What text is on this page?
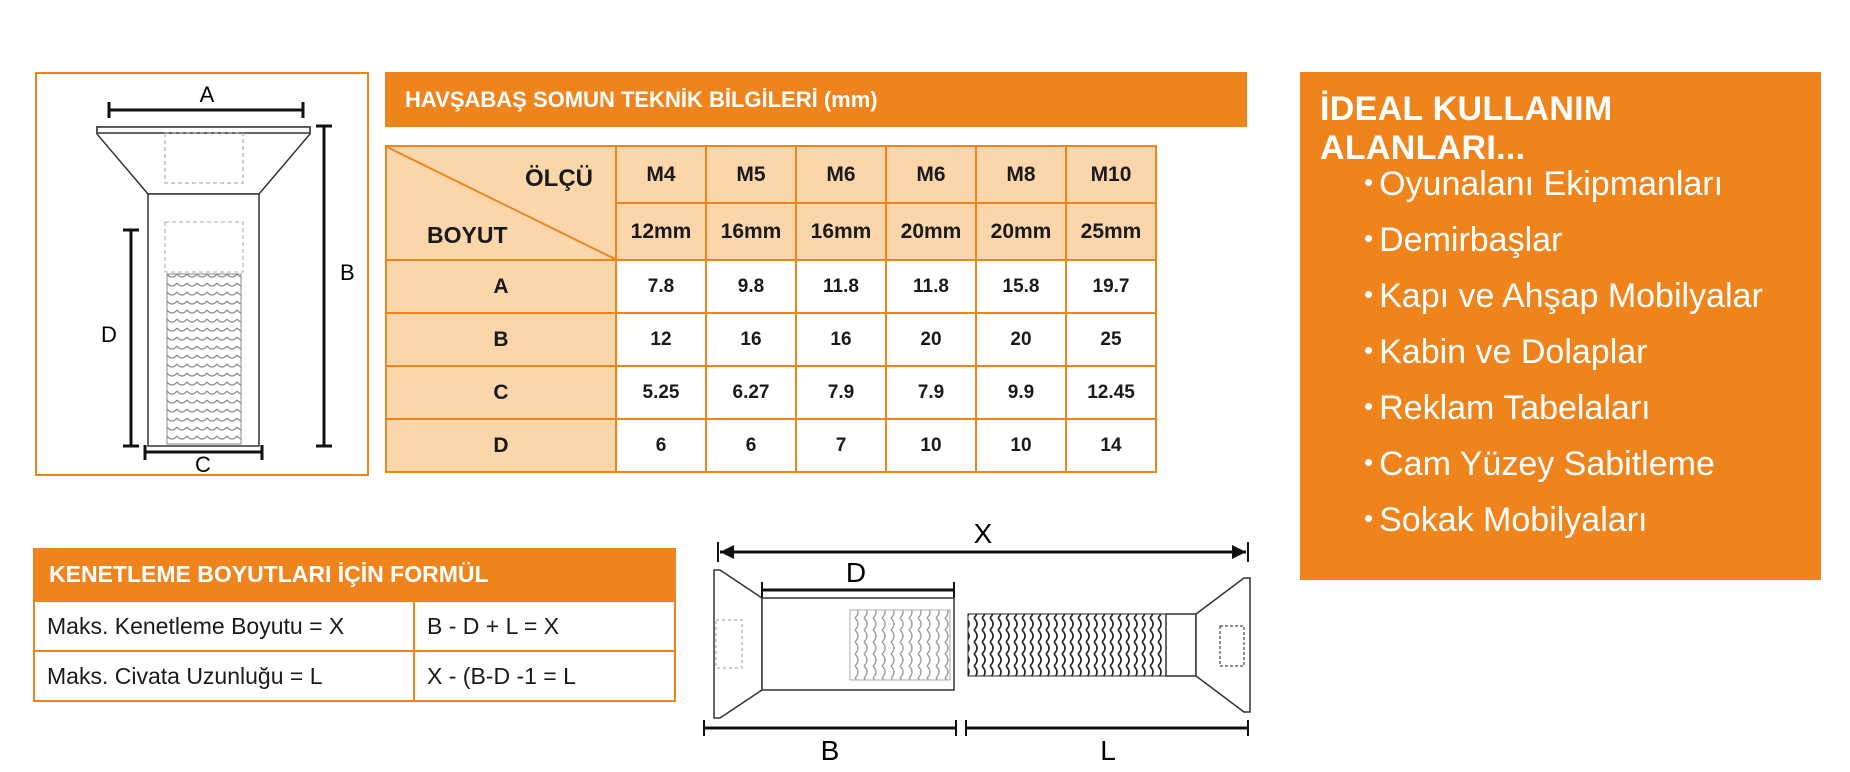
A
B
D
C
HAVŞABAŞ SOMUN TEKNİK BİLGİLERİ (mm)
ÖLÇÜ
BOYUT	M4	M5	M6	M6	M8	M10
	12mm	16mm	16mm	20mm	20mm	25mm
A	7.8	9.8	11.8	11.8	15.8	19.7
B	12	16	16	20	20	25
C	5.25	6.27	7.9	7.9	9.9	12.45
D	6	6	7	10	10	14
İDEAL KULLANIM ALANLARI...
• Oyunalanı Ekipmanları
• Demirbaşlar
• Kapı ve Ahşap Mobilyalar
• Kabin ve Dolaplar
• Reklam Tabelaları
• Cam Yüzey Sabitleme
• Sokak Mobilyaları
KENETLEME BOYUTLARI İÇİN FORMÜL
Maks. Kenetleme Boyutu = X	B - D + L = X
Maks. Civata Uzunluğu = L	X - (B-D -1 = L
X
D
B	L
